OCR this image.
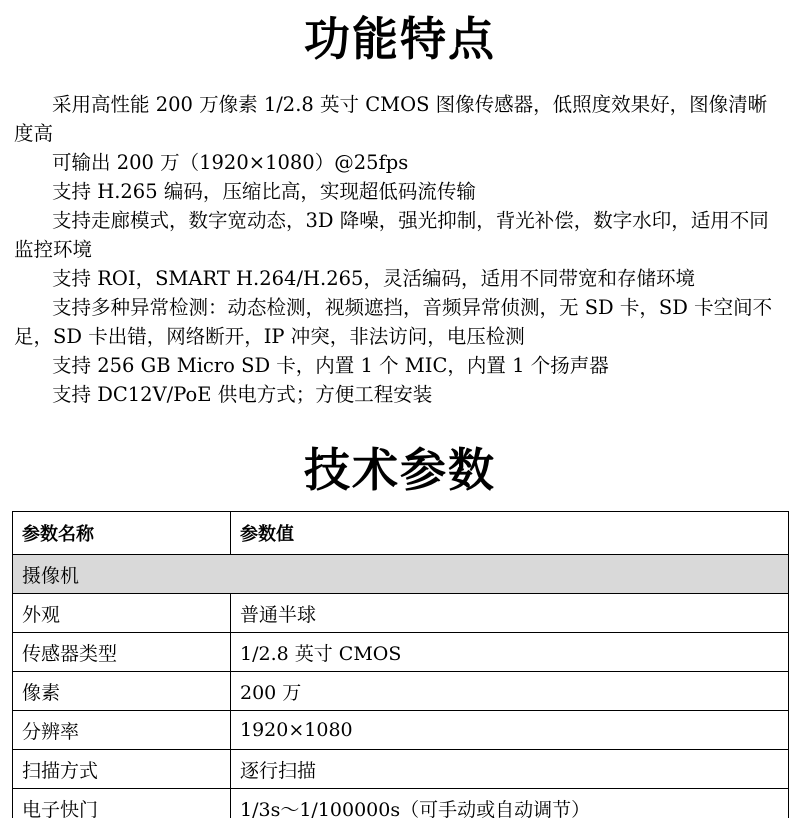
功能特点
采用高性能 200 万像素 1/2.8 英寸 CMOS 图像传感器，低照度效果好，图像清晰度高
可输出 200 万（1920×1080）@25fps
支持 H.265 编码，压缩比高，实现超低码流传输
支持走廊模式，数字宽动态，3D 降噪，强光抑制，背光补偿，数字水印，适用不同监控环境
支持 ROI，SMART H.264/H.265，灵活编码，适用不同带宽和存储环境
支持多种异常检测：动态检测，视频遮挡，音频异常侦测，无 SD 卡，SD 卡空间不足，SD 卡出错，网络断开，IP 冲突，非法访问，电压检测
支持 256 GB Micro SD 卡，内置 1 个 MIC，内置 1 个扬声器
支持 DC12V/PoE 供电方式；方便工程安装
技术参数
参数名称	参数值
摄像机	
外观	普通半球
传感器类型	1/2.8 英寸 CMOS
像素	200 万
分辨率	1920×1080
扫描方式	逐行扫描
电子快门	1/3s～1/100000s（可手动或自动调节）
